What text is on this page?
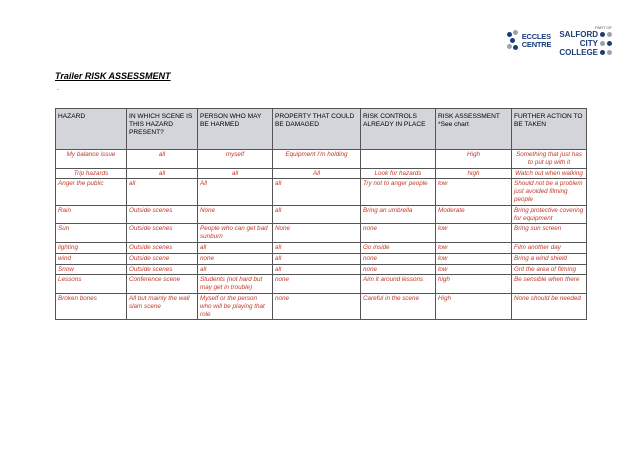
ECCLES
CENTRE
PART OF
SALFORD
CITY
COLLEGE
Trailer RISK ASSESSMENT
.
HAZARD	IN WHICH SCENE IS THIS HAZARD PRESENT?	PERSON WHO MAY BE HARMED	PROPERTY THAT COULD BE DAMAGED	RISK CONTROLS ALREADY IN PLACE	RISK ASSESSMENT *See chart	FURTHER ACTION TO BE TAKEN
My balance issue	all	myself	Equipment I'm holding		High	Something that just has to put up with it
Trip hazards	all	all	All	Look for hazards	high	Watch out when walking
Anger the public	all	All	all	Try not to anger people	low	Should not be a problem just avoided filming people
Rain	Outside scenes	None	all	Bring an umbrella	Moderate	Bring protective covering for equipment
Sun	Outside scenes	People who can get bad sunburn	None	none	low	Bring sun screen
lighting	Outside scenes	all	all	Go inside	low	Film another day
wind	Outside scene	none	all	none	low	Bring a wind shield
Snow	Outside scenes	all	all	none	low	Grit the area of filming
Lessons	Conference scene	Students (not hard but may get in trouble)	none	Aim it around lessons	high	Be sensible when there
Broken bones	All but mainly the wall slam scene	Myself or the person who will be playing that role	none	Careful in the scene	High	None should be needed
